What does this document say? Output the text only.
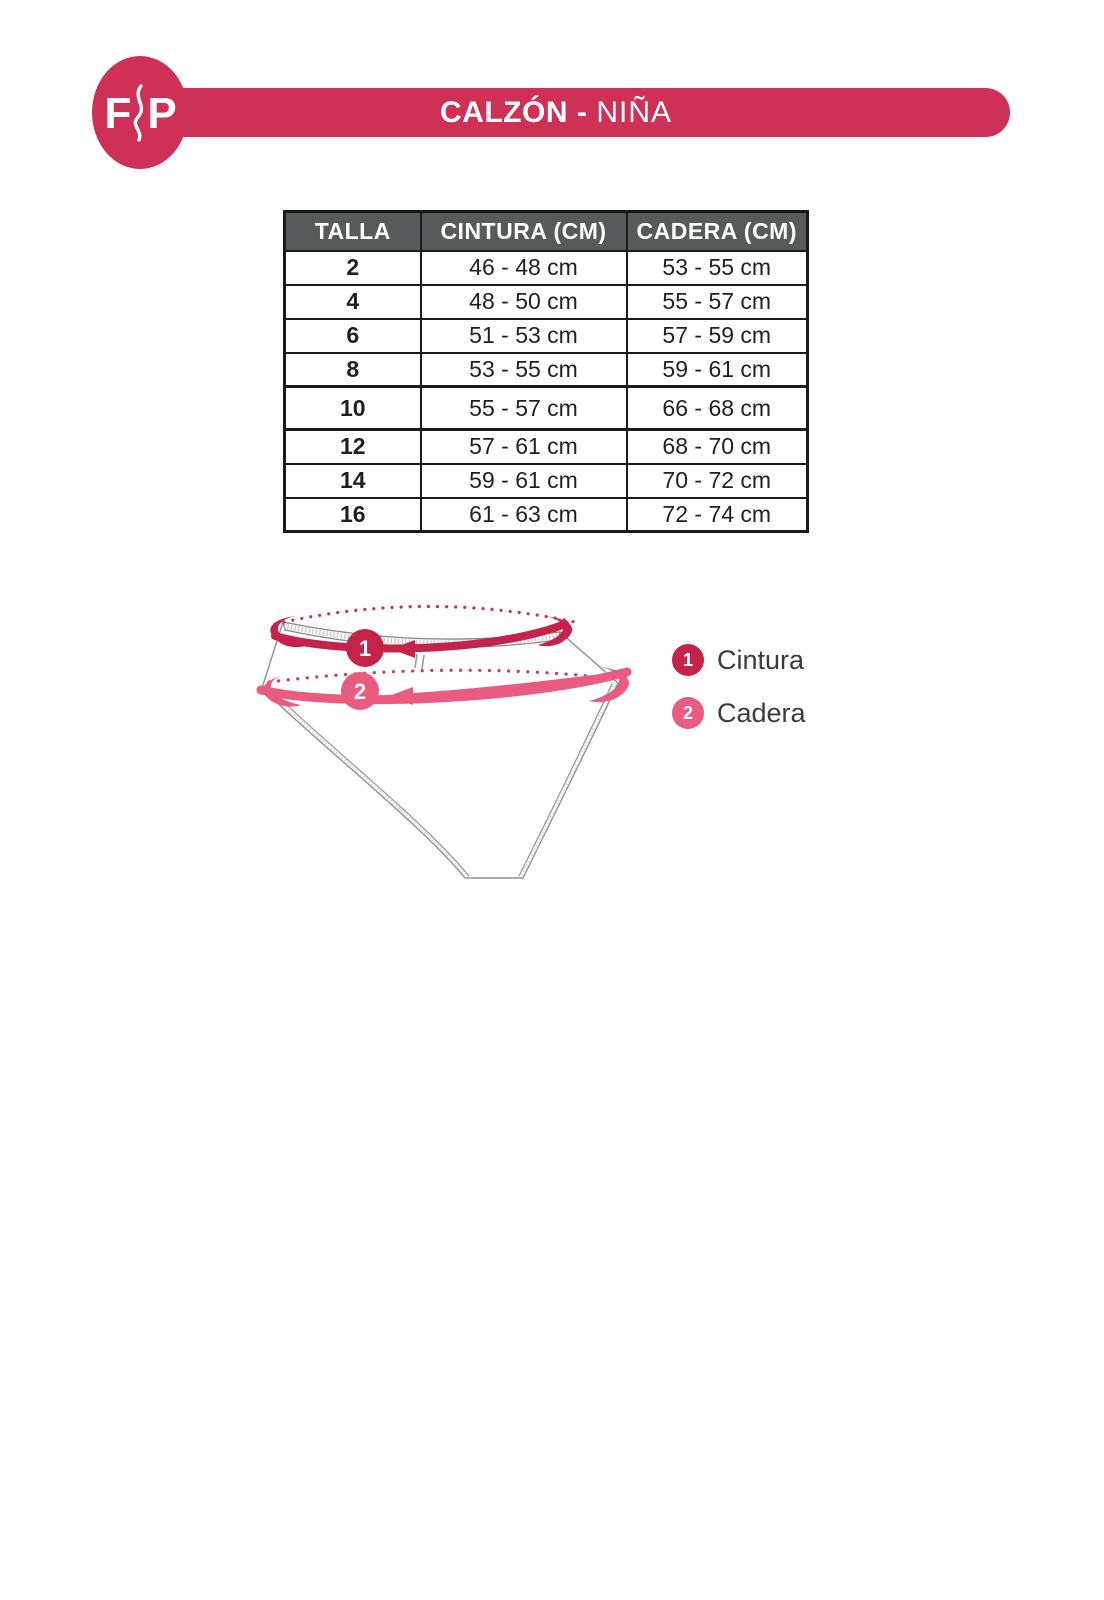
CALZÓN - NIÑA
F P
TALLA	CINTURA (CM)	CADERA (CM)
2	46 - 48 cm	53 - 55 cm
4	48 - 50 cm	55 - 57 cm
6	51 - 53 cm	57 - 59 cm
8	53 - 55 cm	59 - 61 cm
10	55 - 57 cm	66 - 68 cm
12	57 - 61 cm	68 - 70 cm
14	59 - 61 cm	70 - 72 cm
16	61 - 63 cm	72 - 74 cm
1
2
1 Cintura
2 Cadera
